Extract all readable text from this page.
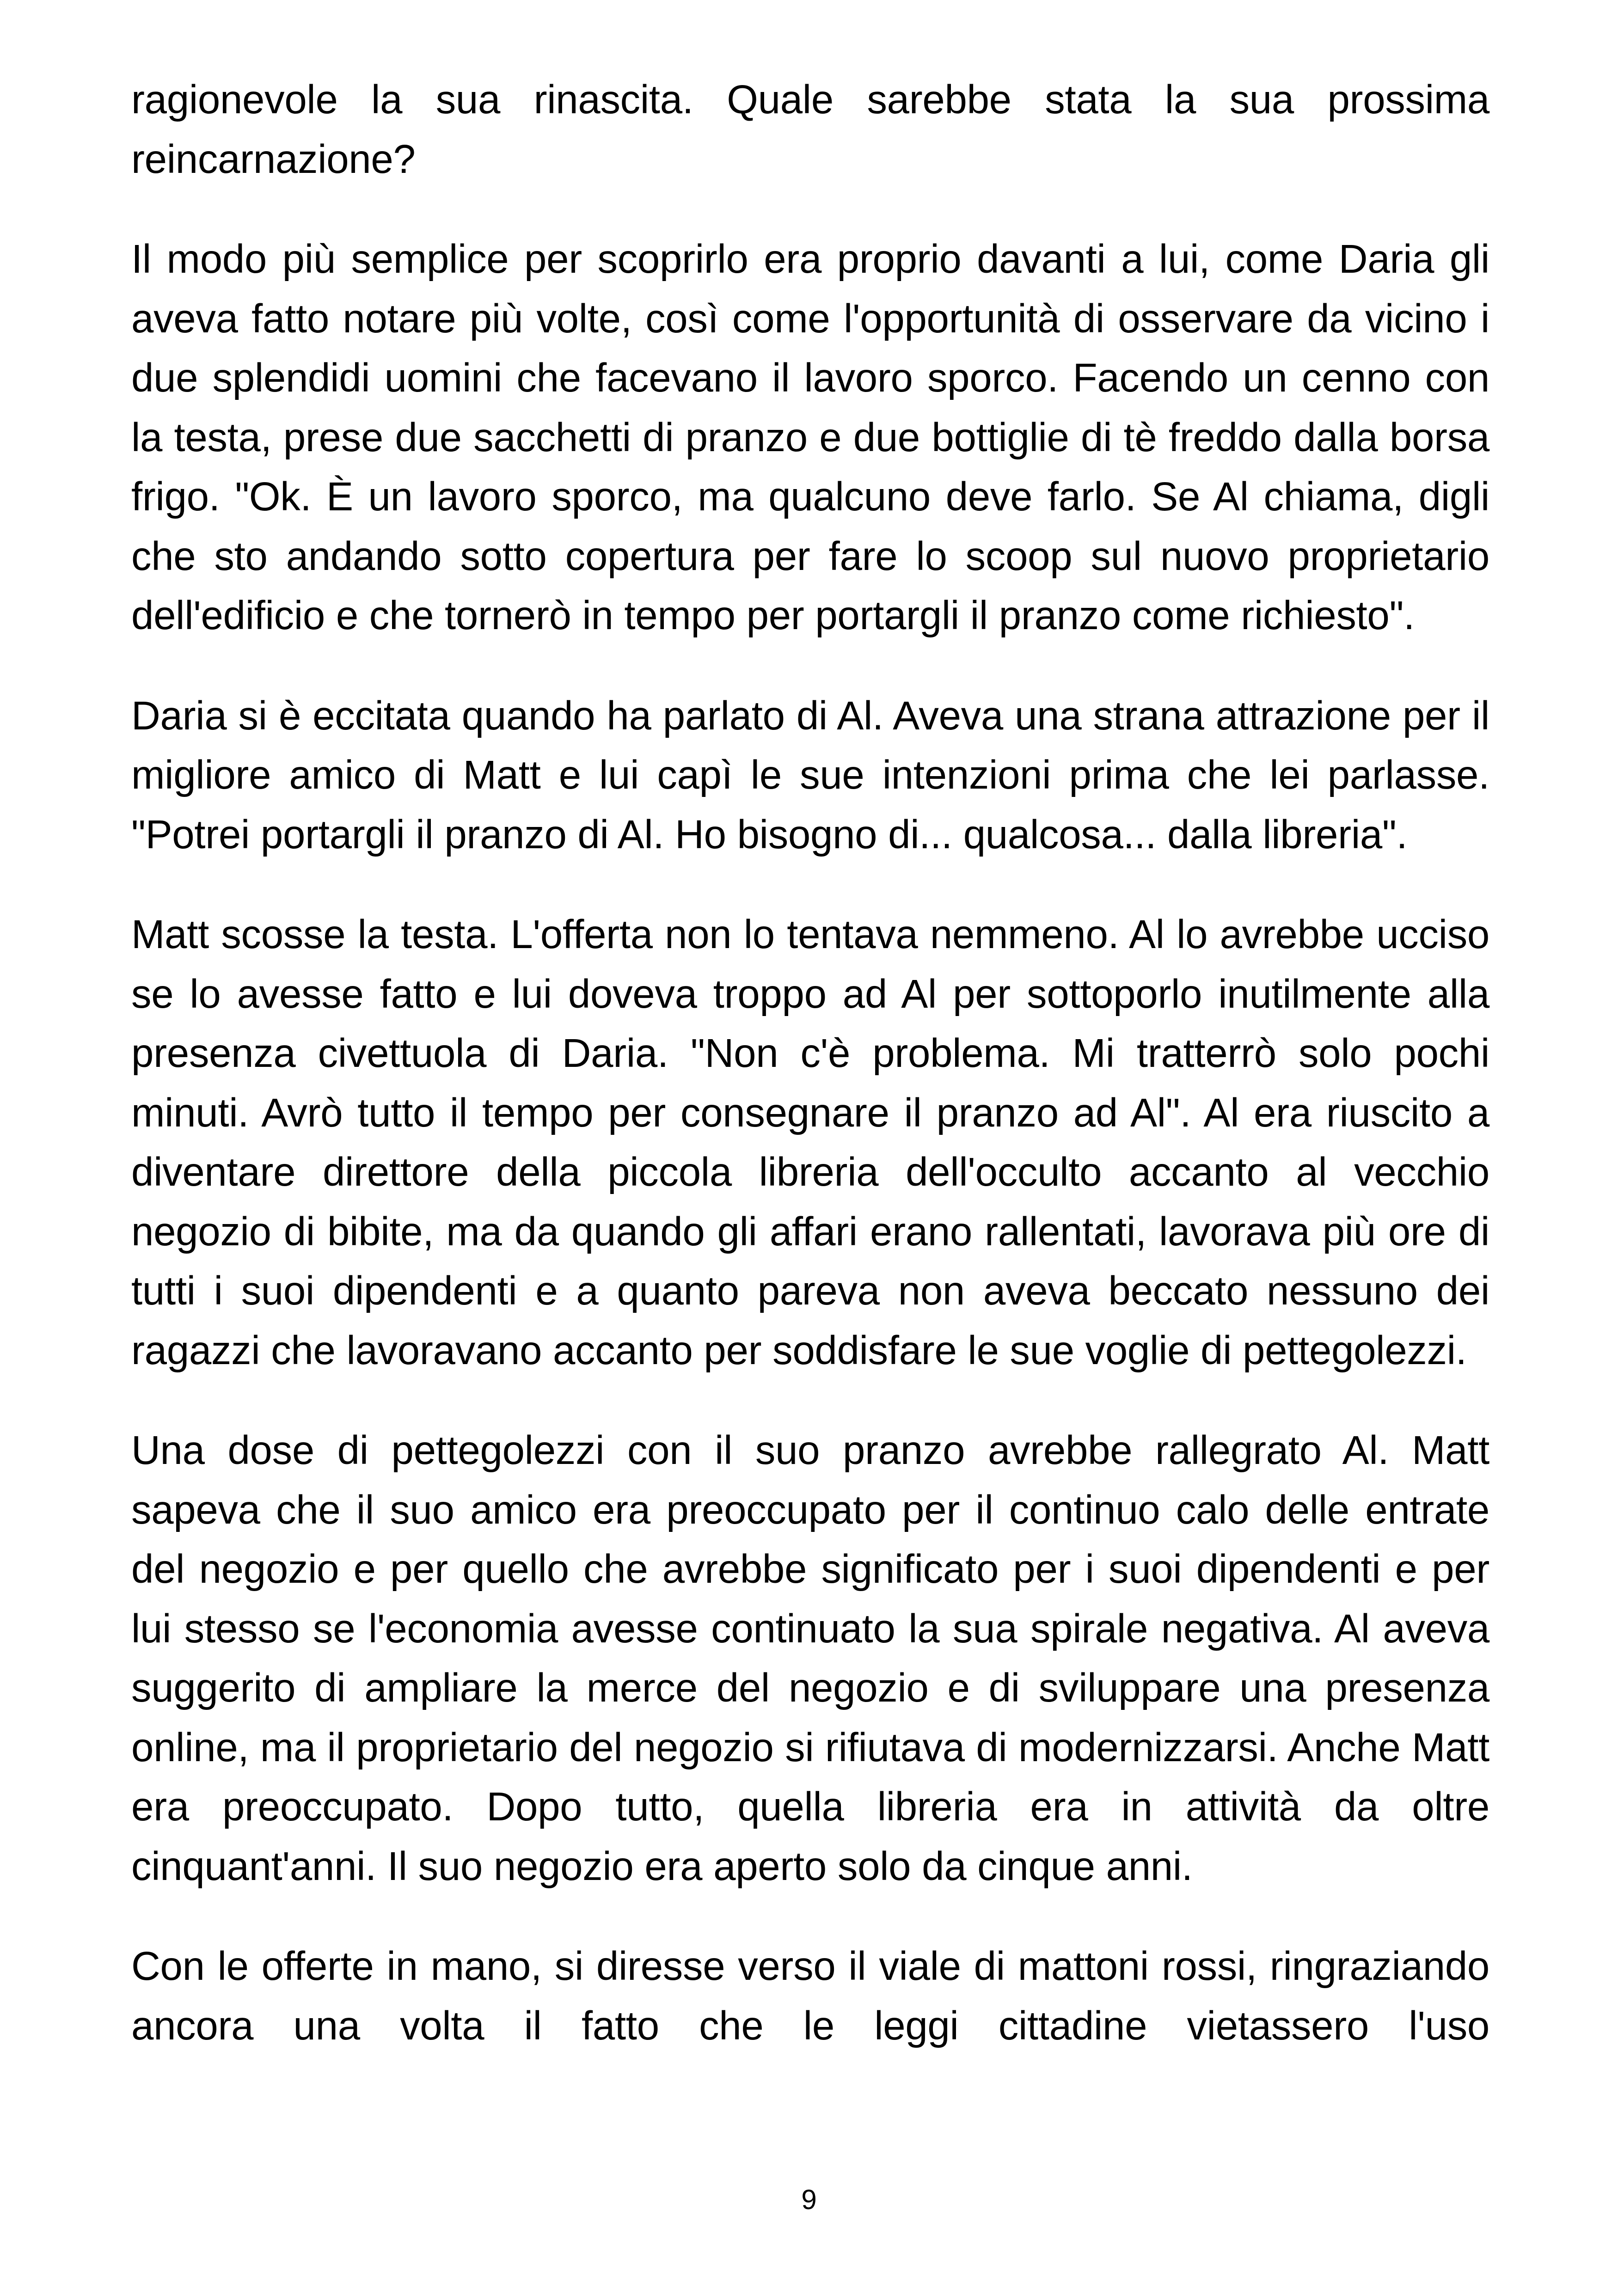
ragionevole la sua rinascita. Quale sarebbe stata la sua prossima reincarnazione?

Il modo più semplice per scoprirlo era proprio davanti a lui, come Daria gli aveva fatto notare più volte, così come l'opportunità di osservare da vicino i due splendidi uomini che facevano il lavoro sporco. Facendo un cenno con la testa, prese due sacchetti di pranzo e due bottiglie di tè freddo dalla borsa frigo. "Ok. È un lavoro sporco, ma qualcuno deve farlo. Se Al chiama, digli che sto andando sotto copertura per fare lo scoop sul nuovo proprietario dell'edificio e che tornerò in tempo per portargli il pranzo come richiesto".

Daria si è eccitata quando ha parlato di Al. Aveva una strana attrazione per il migliore amico di Matt e lui capì le sue intenzioni prima che lei parlasse. "Potrei portargli il pranzo di Al. Ho bisogno di... qualcosa... dalla libreria".

Matt scosse la testa. L'offerta non lo tentava nemmeno. Al lo avrebbe ucciso se lo avesse fatto e lui doveva troppo ad Al per sottoporlo inutilmente alla presenza civettuola di Daria. "Non c'è problema. Mi tratterrò solo pochi minuti. Avrò tutto il tempo per consegnare il pranzo ad Al". Al era riuscito a diventare direttore della piccola libreria dell'occulto accanto al vecchio negozio di bibite, ma da quando gli affari erano rallentati, lavorava più ore di tutti i suoi dipendenti e a quanto pareva non aveva beccato nessuno dei ragazzi che lavoravano accanto per soddisfare le sue voglie di pettegolezzi.

Una dose di pettegolezzi con il suo pranzo avrebbe rallegrato Al. Matt sapeva che il suo amico era preoccupato per il continuo calo delle entrate del negozio e per quello che avrebbe significato per i suoi dipendenti e per lui stesso se l'economia avesse continuato la sua spirale negativa. Al aveva suggerito di ampliare la merce del negozio e di sviluppare una presenza online, ma il proprietario del negozio si rifiutava di modernizzarsi. Anche Matt era preoccupato. Dopo tutto, quella libreria era in attività da oltre cinquant'anni. Il suo negozio era aperto solo da cinque anni.

Con le offerte in mano, si diresse verso il viale di mattoni rossi, ringraziando ancora una volta il fatto che le leggi cittadine vietassero l'uso

9
